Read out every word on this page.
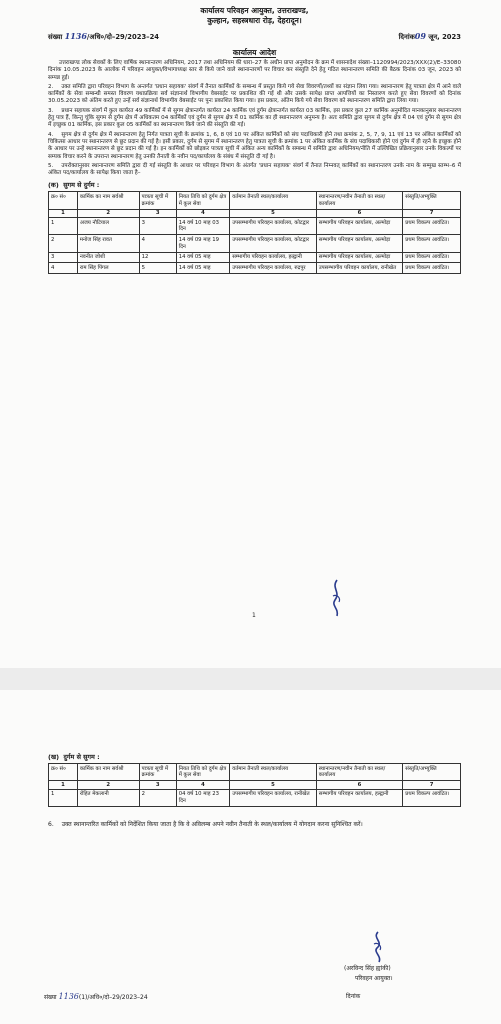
कार्यालय परिवहन आयुक्त, उत्तराखण्ड,
कुल्हान, सहस्त्रधारा रोड़, देहरादून।
संख्या 1136/अधि०/दो–29/2023–24	दिनांक09 जून, 2023
कार्यालय आदेश

उत्तराखण्ड लोक सेवकों के लिए वार्षिक स्थानान्तरण अधिनियम, 2017 तथा अधिनियम की धारा–27 के अधीन प्राप्त अनुमोदन के क्रम में शासनादेश संख्या–1120994/2023/XXX(2)/E–33080 दिनांक 10.05.2023 के आलोक में परिवहन आयुक्त/विभागाध्यक्ष स्तर से किये जाने वाले स्थानान्तरणों पर विचार कर संस्तुति देने हेतु गठित स्थानान्तरण समिति की बैठक दिनांक 03 जून, 2023 को सम्पन्न हुई।

2. उक्त समिति द्वारा परिवहन विभाग के अन्तर्गत 'प्रधान सहायक' संवर्ग में तैनात कार्मिकों के सम्बन्ध में प्रस्तुत किये गये सेवा विवरणों/तथ्यों का संज्ञान लिया गया। स्थानान्तरण हेतु पात्रता क्षेत्र में आने वाले कार्मिकों के सेवा सम्बन्धी समस्त विवरण यथाप्रक्रिया सर्व संज्ञानार्थ विभागीय वेबसाईट पर प्रकाशित की गई थी और उसके सापेक्ष प्राप्त आपत्तियों का निस्तारण करते हुए सेवा विवरणों को दिनांक 30.05.2023 को अंतिम करते हुए उन्हें सर्व संज्ञानार्थ विभागीय वेबसाईट पर पुनः प्रकाशित किया गया। इस प्रकार, अंतिम किये गये सेवा विवरण को स्थानान्तरण समिति द्वारा लिया गया।

3. प्रधान सहायक संवर्ग में कुल कार्यरत 49 कार्मिकों में से सुगम क्षेत्रान्तर्गत कार्यरत 24 कार्मिक एवं दुर्गम क्षेत्रान्तर्गत कार्यरत 03 कार्मिक, इस प्रकार कुल 27 कार्मिक अनुमोदित मानकानुसार स्थानान्तरण हेतु पात्र हैं, किन्तु चूंकि सुगम से दुर्गम क्षेत्र में अधिकतम 04 कार्मिकों एवं दुर्गम से सुगम क्षेत्र में 01 कार्मिक का ही स्थानान्तरण अनुमन्य है। अतः समिति द्वारा सुगम से दुर्गम क्षेत्र में 04 एवं दुर्गम से सुगम क्षेत्र में इच्छुक 01 कार्मिक, इस प्रकार कुल 05 कार्मिकों का स्थानान्तरण किये जाने की संस्तुति की गई।

4. सुगम क्षेत्र से दुर्गम क्षेत्र में स्थानान्तरण हेतु निर्गत पात्रता सूची के क्रमांक 1, 6, 8 एवं 10 पर अंकित कार्मिकों को संघ पदाधिकारी होने तथा क्रमांक 2, 5, 7, 9, 11 एवं 13 पर अंकित कार्मिकों को चिकित्सा आधार पर स्थानान्तरण से छूट प्रदान की गई है। इसी प्रकार, दुर्गम से सुगम में स्थानान्तरण हेतु पात्रता सूची के क्रमांक 1 पर अंकित कार्मिक के संघ पदाधिकारी होने एवं दुर्गम में ही रहने के इच्छुक होने के आधार पर उन्हें स्थानान्तरण से छूट प्रदान की गई है। इन कार्मिकों को छोड़कर पात्रता सूची में अंकित अन्य कार्मिकों के सम्बन्ध में समिति द्वारा अधिनियम/नीति में उल्लिखित प्रक्रियानुसार उनके विकल्पों पर सम्यक विचार करने के उपरान्त स्थानान्तरण हेतु उनकी तैनाती के नवीन पद/कार्यालय के संबंध में संस्तुति दी गई है।

5. उपरोक्तानुसार स्थानान्तरण समिति द्वारा दी गई संस्तुति के आधार पर परिवहन विभाग के अंतर्गत 'प्रधान सहायक' संवर्ग में तैनात निम्नवत् कार्मिकों का स्थानान्तरण उनके नाम के सम्मुख स्तम्भ–6 में अंकित पद/कार्यालय के सापेक्ष किया जाता है–

(क) सुगम से दुर्गम :
क्र० सं०	कार्मिक का नाम सर्वश्री	पात्रता सूची में क्रमांक	नियत तिथि को दुर्गम क्षेत्र में कुल सेवा	वर्तमान तैनाती स्थल/कार्यालय	स्थानान्तरण/नवीन तैनाती का स्थल/कार्यालय	संस्तुति/अभ्युक्ति
1	2	3	4	5	6	7
1	अजय नौटियाल	3	14 वर्ष 10 माह 03 दिन	उपसम्भागीय परिवहन कार्यालय, कोटद्वार	सम्भागीय परिवहन कार्यालय, अल्मोड़ा	प्रथम विकल्प आवंटित।
2	मनोज सिंह रावत	4	14 वर्ष 09 माह 19 दिन	उपसम्भागीय परिवहन कार्यालय, कोटद्वार	सम्भागीय परिवहन कार्यालय, अल्मोड़ा	प्रथम विकल्प आवंटित।
3	नवनीत जोशी	12	14 वर्ष 05 माह	सम्भागीय परिवहन कार्यालय, हल्द्वानी	सम्भागीय परिवहन कार्यालय, अल्मोड़ा	प्रथम विकल्प आवंटित।
4	राम सिंह पिंगल	5	14 वर्ष 05 माह	उपसम्भागीय परिवहन कार्यालय, रुद्रपुर	उपसम्भागीय परिवहन कार्यालय, रानीखेत	प्रथम विकल्प आवंटित।
1
(ख) दुर्गम से सुगम :
क्र० सं०	कार्मिक का नाम सर्वश्री	पात्रता सूची में क्रमांक	नियत तिथि को दुर्गम क्षेत्र में कुल सेवा	वर्तमान तैनाती स्थल/कार्यालय	स्थानान्तरण/नवीन तैनाती का स्थल/कार्यालय	संस्तुति/अभ्युक्ति
1	2	3	4	5	6	7
1	रोहित मेकलानी	2	04 वर्ष 10 माह 23 दिन	उपसम्भागीय परिवहन कार्यालय, रानीखेत	सम्भागीय परिवहन कार्यालय, हल्द्वानी	प्रथम विकल्प आवंटित।

6. उक्त स्थानान्तरित कार्मिकों को निर्देशित किया जाता है कि वे अविलम्ब अपने नवीन तैनाती के स्थल/कार्यालय में योगदान करना सुनिश्चित करें।

(अरविन्द सिंह ह्यांकी)
परिवहन आयुक्त।
संख्या 1136(1)/अधि०/दो–29/2023–24	दिनांक
